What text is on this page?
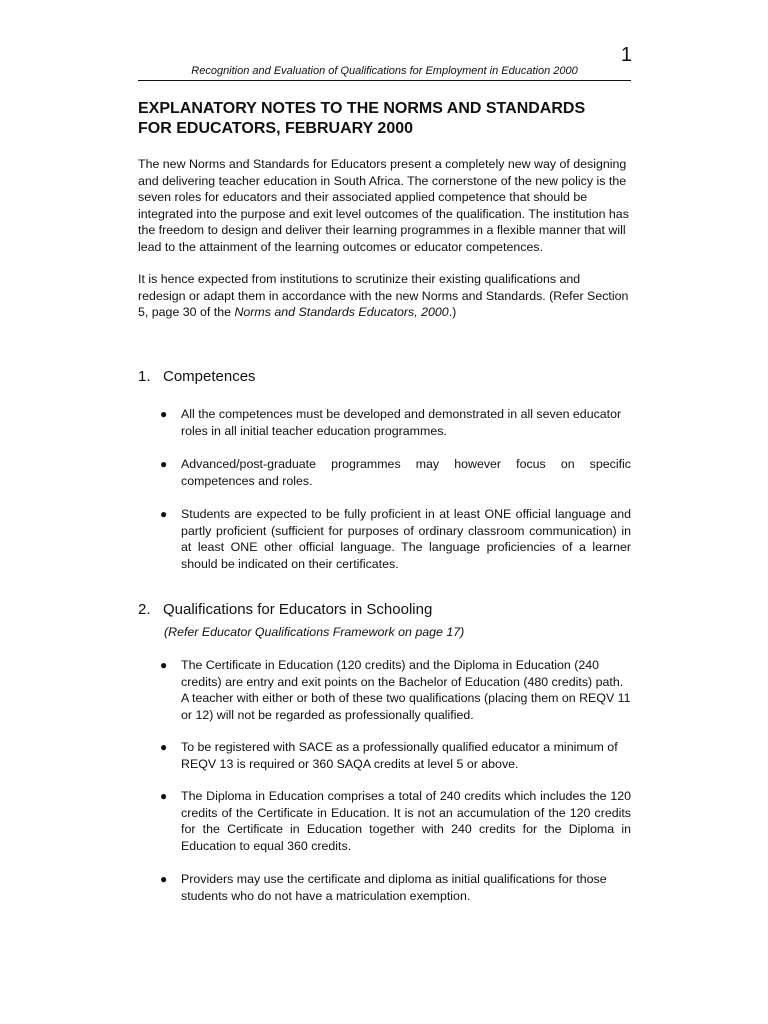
1
Recognition and Evaluation of Qualifications for Employment in Education 2000
EXPLANATORY NOTES TO THE NORMS AND STANDARDS
FOR EDUCATORS, FEBRUARY 2000

The new Norms and Standards for Educators present a completely new way of designing and delivering teacher education in South Africa. The cornerstone of the new policy is the seven roles for educators and their associated applied competence that should be integrated into the purpose and exit level outcomes of the qualification. The institution has the freedom to design and deliver their learning programmes in a flexible manner that will lead to the attainment of the learning outcomes or educator competences.

It is hence expected from institutions to scrutinize their existing qualifications and redesign or adapt them in accordance with the new Norms and Standards. (Refer Section 5, page 30 of the Norms and Standards Educators, 2000.)

1. Competences
● All the competences must be developed and demonstrated in all seven educator roles in all initial teacher education programmes.
● Advanced/post-graduate programmes may however focus on specific competences and roles.
● Students are expected to be fully proficient in at least ONE official language and partly proficient (sufficient for purposes of ordinary classroom communication) in at least ONE other official language. The language proficiencies of a learner should be indicated on their certificates.
2. Qualifications for Educators in Schooling

(Refer Educator Qualifications Framework on page 17)

● The Certificate in Education (120 credits) and the Diploma in Education (240 credits) are entry and exit points on the Bachelor of Education (480 credits) path. A teacher with either or both of these two qualifications (placing them on REQV 11 or 12) will not be regarded as professionally qualified.
● To be registered with SACE as a professionally qualified educator a minimum of REQV 13 is required or 360 SAQA credits at level 5 or above.
● The Diploma in Education comprises a total of 240 credits which includes the 120 credits of the Certificate in Education. It is not an accumulation of the 120 credits for the Certificate in Education together with 240 credits for the Diploma in Education to equal 360 credits.
● Providers may use the certificate and diploma as initial qualifications for those students who do not have a matriculation exemption.
